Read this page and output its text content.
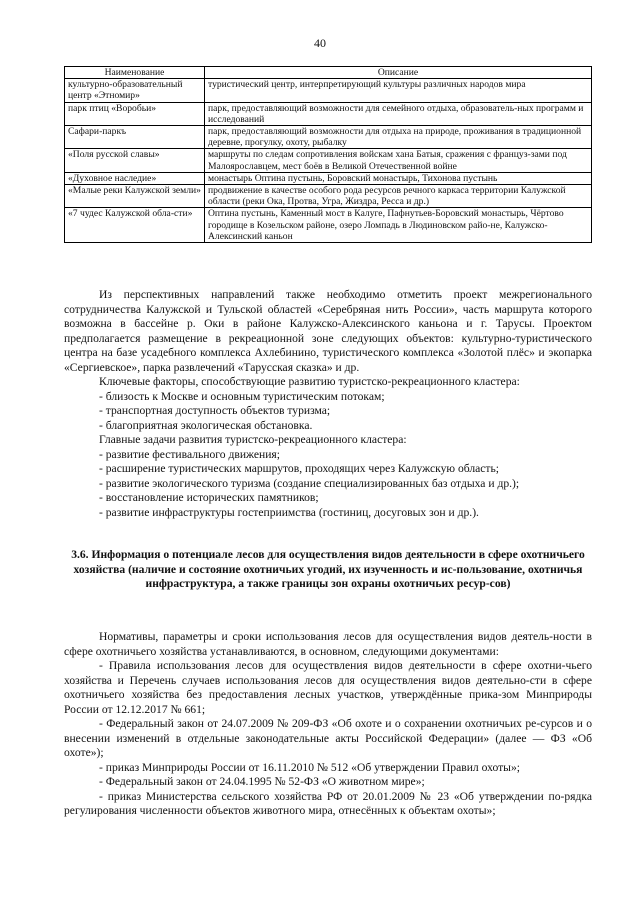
40
Наименование	Описание
культурно-образовательный центр «Этномир»	туристический центр, интерпретирующий культуры различных народов мира
парк птиц «Воробьи»	парк, предоставляющий возможности для семейного отдыха, образователь-ных программ и исследований
Сафари-паркъ	парк, предоставляющий возможности для отдыха на природе, проживания в традиционной деревне, прогулку, охоту, рыбалку
«Поля русской славы»	маршруты по следам сопротивления войскам хана Батыя, сражения с француз-зами под Малоярославцем, мест боёв в Великой Отечественной войне
«Духовное наследие»	монастырь Оптина пустынь, Боровский монастырь, Тихонова пустынь
«Малые реки Калужской земли»	продвижение в качестве особого рода ресурсов речного каркаса территории Калужской области (реки Ока, Протва, Угра, Жиздра, Ресса и др.)
«7 чудес Калужской обла-сти»	Оптина пустынь, Каменный мост в Калуге, Пафнутьев-Боровский монастырь, Чёртово городище в Козельском районе, озеро Ломпадь в Людиновском райо-не, Калужско-Алексинский каньон

Из перспективных направлений также необходимо отметить проект межрегионального сотрудничества Калужской и Тульской областей «Серебряная нить России», часть маршрута которого возможна в бассейне р. Оки в районе Калужско-Алексинского каньона и г. Тарусы. Проектом предполагается размещение в рекреационной зоне следующих объектов: культурно-туристического центра на базе усадебного комплекса Ахлебинино, туристического комплекса «Золотой плёс» и экопарка «Сергиевское», парка развлечений «Тарусская сказка» и др.

Ключевые факторы, способствующие развитию туристско-рекреационного кластера:

- близость к Москве и основным туристическим потокам;

- транспортная доступность объектов туризма;

- благоприятная экологическая обстановка.

Главные задачи развития туристско-рекреационного кластера:

- развитие фестивального движения;

- расширение туристических маршрутов, проходящих через Калужскую область;

- развитие экологического туризма (создание специализированных баз отдыха и др.);

- восстановление исторических памятников;

- развитие инфраструктуры гостеприимства (гостиниц, досуговых зон и др.).

3.6. Информация о потенциале лесов для осуществления видов деятельности в сфере охотничьего хозяйства (наличие и состояние охотничьих угодий, их изученность и ис-пользование, охотничья инфраструктура, а также границы зон охраны охотничьих ресур-сов)

Нормативы, параметры и сроки использования лесов для осуществления видов деятель-ности в сфере охотничьего хозяйства устанавливаются, в основном, следующими документами:

- Правила использования лесов для осуществления видов деятельности в сфере охотни-чьего хозяйства и Перечень случаев использования лесов для осуществления видов деятельно-сти в сфере охотничьего хозяйства без предоставления лесных участков, утверждённые прика-зом Минприроды России от 12.12.2017 № 661;

- Федеральный закон от 24.07.2009 № 209-ФЗ «Об охоте и о сохранении охотничьих ре-сурсов и о внесении изменений в отдельные законодательные акты Российской Федерации» (далее — ФЗ «Об охоте»);

- приказ Минприроды России от 16.11.2010 № 512 «Об утверждении Правил охоты»;

- Федеральный закон от 24.04.1995 № 52-ФЗ «О животном мире»;

- приказ Министерства сельского хозяйства РФ от 20.01.2009 № 23 «Об утверждении по-рядка регулирования численности объектов животного мира, отнесённых к объектам охоты»;
